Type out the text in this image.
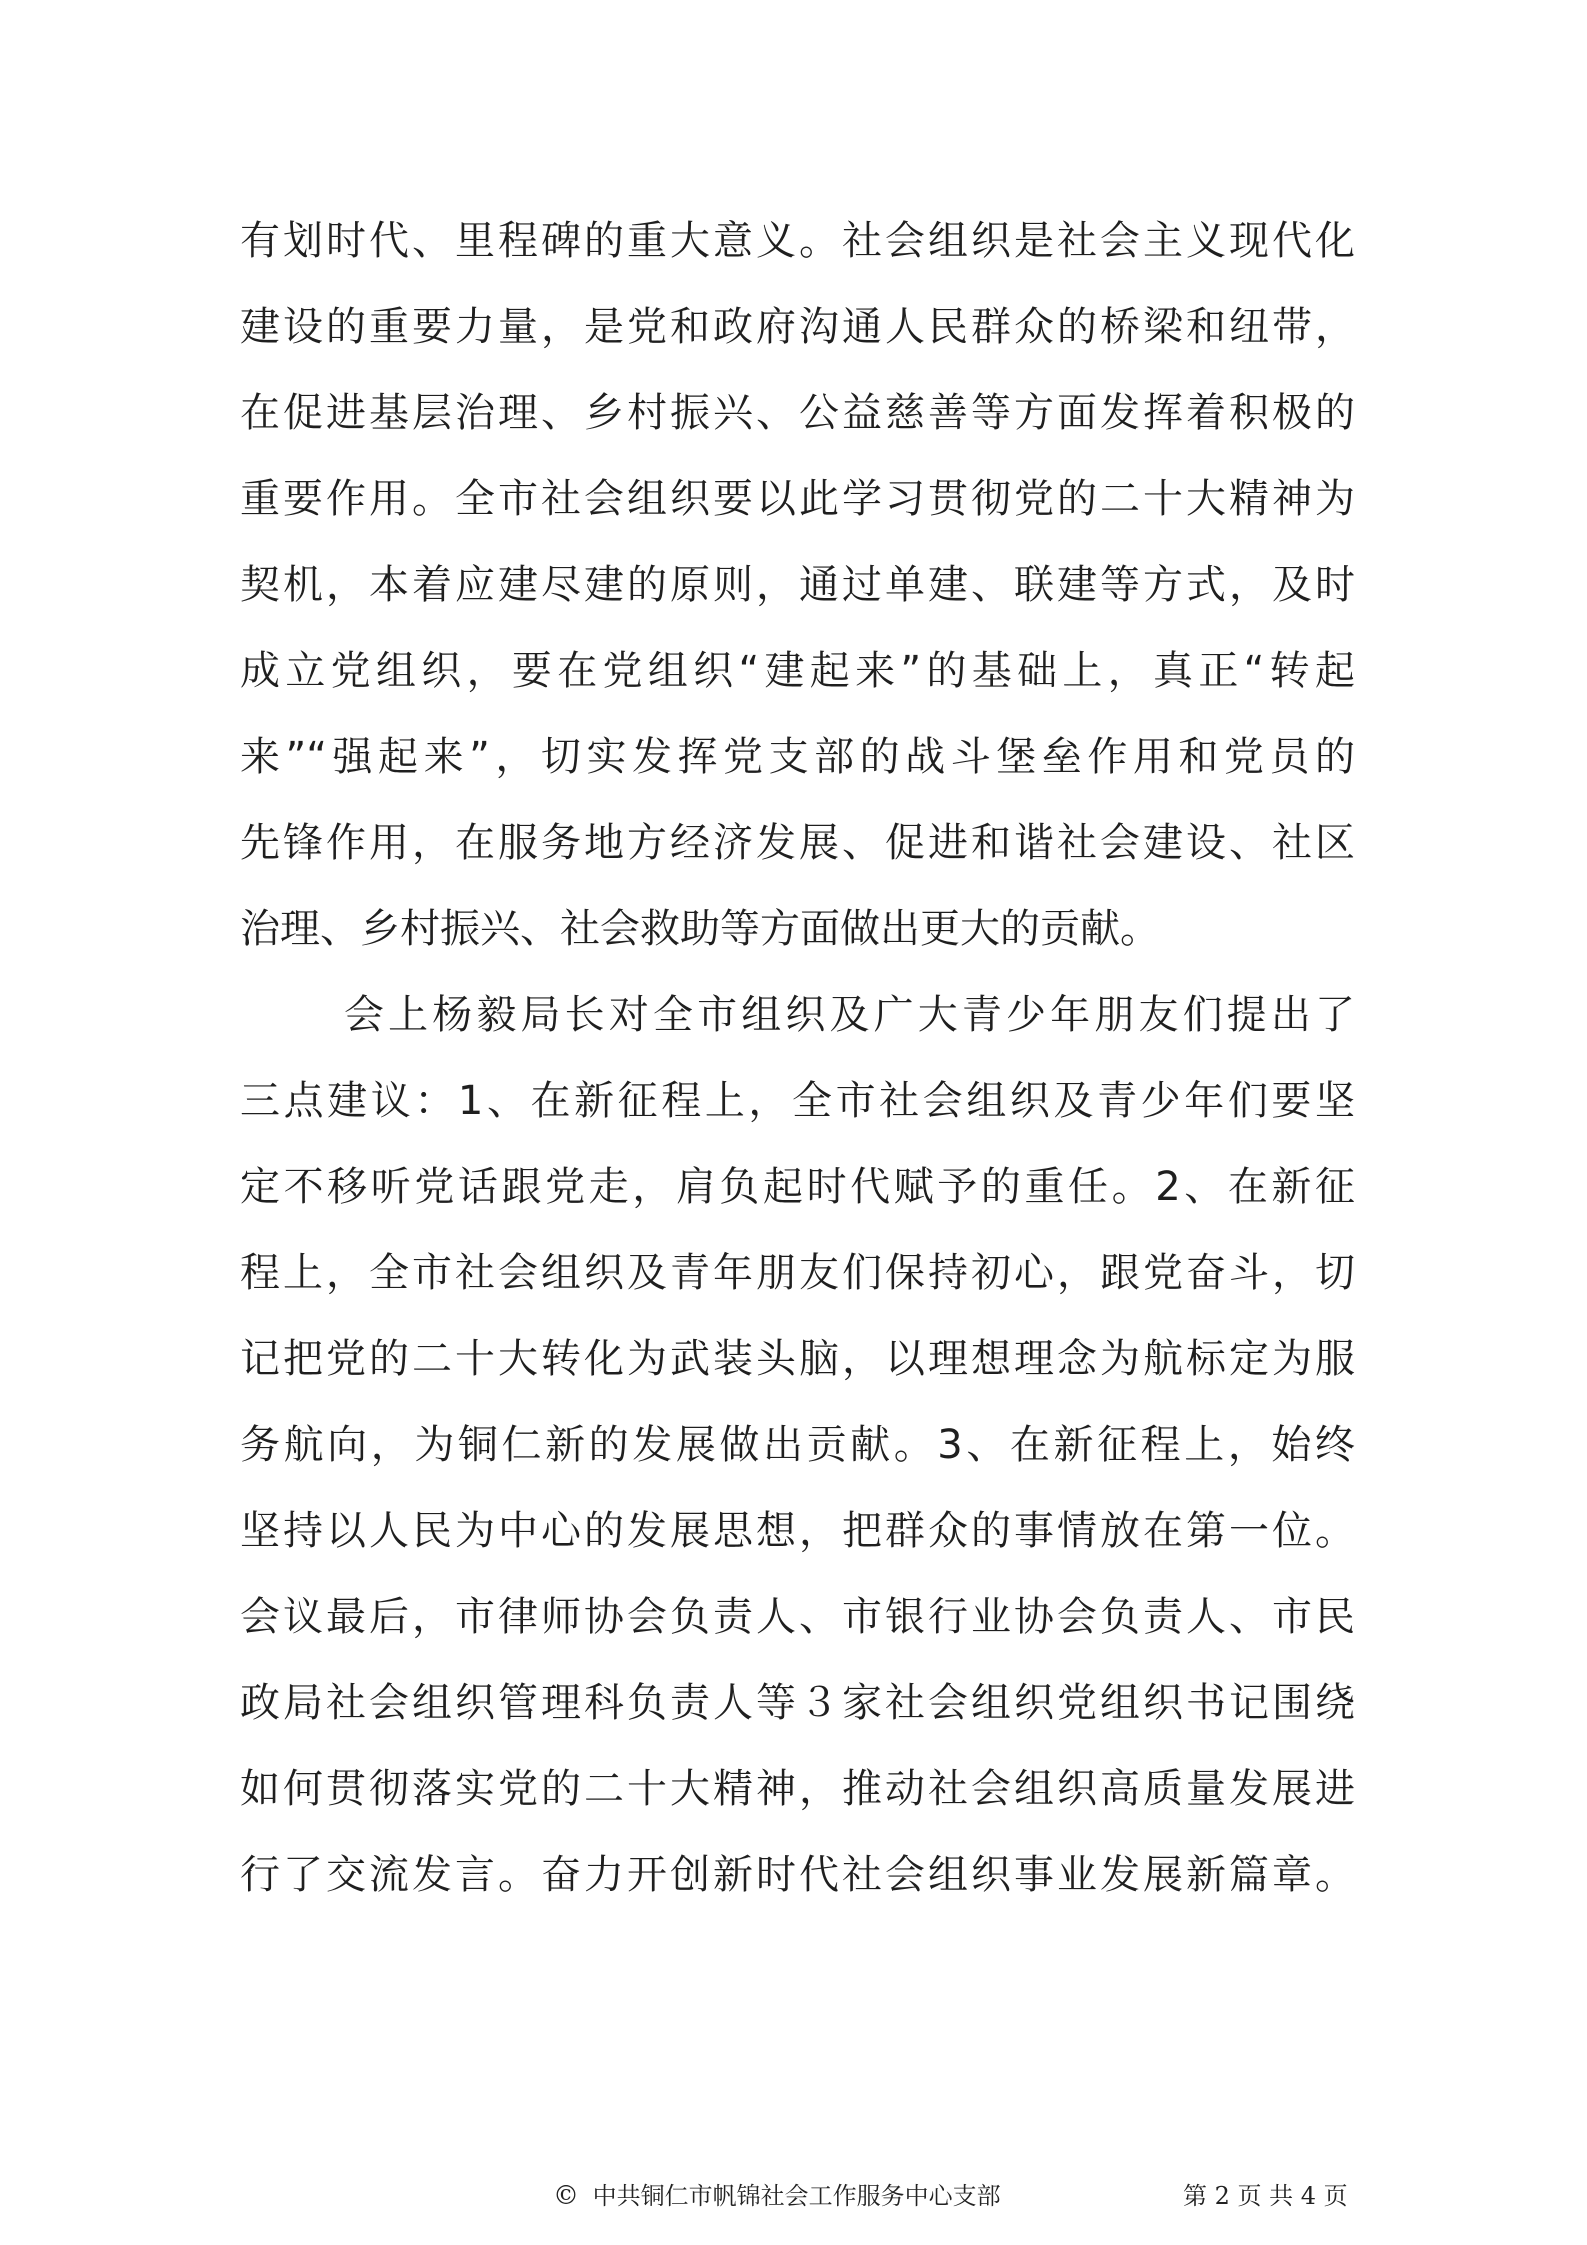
有划时代、里程碑的重大意义。社会组织是社会主义现代化
建设的重要力量，是党和政府沟通人民群众的桥梁和纽带，
在促进基层治理、乡村振兴、公益慈善等方面发挥着积极的
重要作用。全市社会组织要以此学习贯彻党的二十大精神为
契机，本着应建尽建的原则，通过单建、联建等方式，及时
成立党组织，要在党组织“建起来”的基础上，真正“转起
来”“强起来”，切实发挥党支部的战斗堡垒作用和党员的
先锋作用，在服务地方经济发展、促进和谐社会建设、社区
治理、乡村振兴、社会救助等方面做出更大的贡献。
会上杨毅局长对全市组织及广大青少年朋友们提出了
三点建议：1、在新征程上，全市社会组织及青少年们要坚
定不移听党话跟党走，肩负起时代赋予的重任。2、在新征
程上，全市社会组织及青年朋友们保持初心，跟党奋斗，切
记把党的二十大转化为武装头脑，以理想理念为航标定为服
务航向，为铜仁新的发展做出贡献。3、在新征程上，始终
坚持以人民为中心的发展思想，把群众的事情放在第一位。
会议最后，市律师协会负责人、市银行业协会负责人、市民
政局社会组织管理科负责人等３家社会组织党组织书记围绕
如何贯彻落实党的二十大精神，推动社会组织高质量发展进
行了交流发言。奋力开创新时代社会组织事业发展新篇章。
© 中共铜仁市帆锦社会工作服务中心支部	第 2 页 共 4 页
